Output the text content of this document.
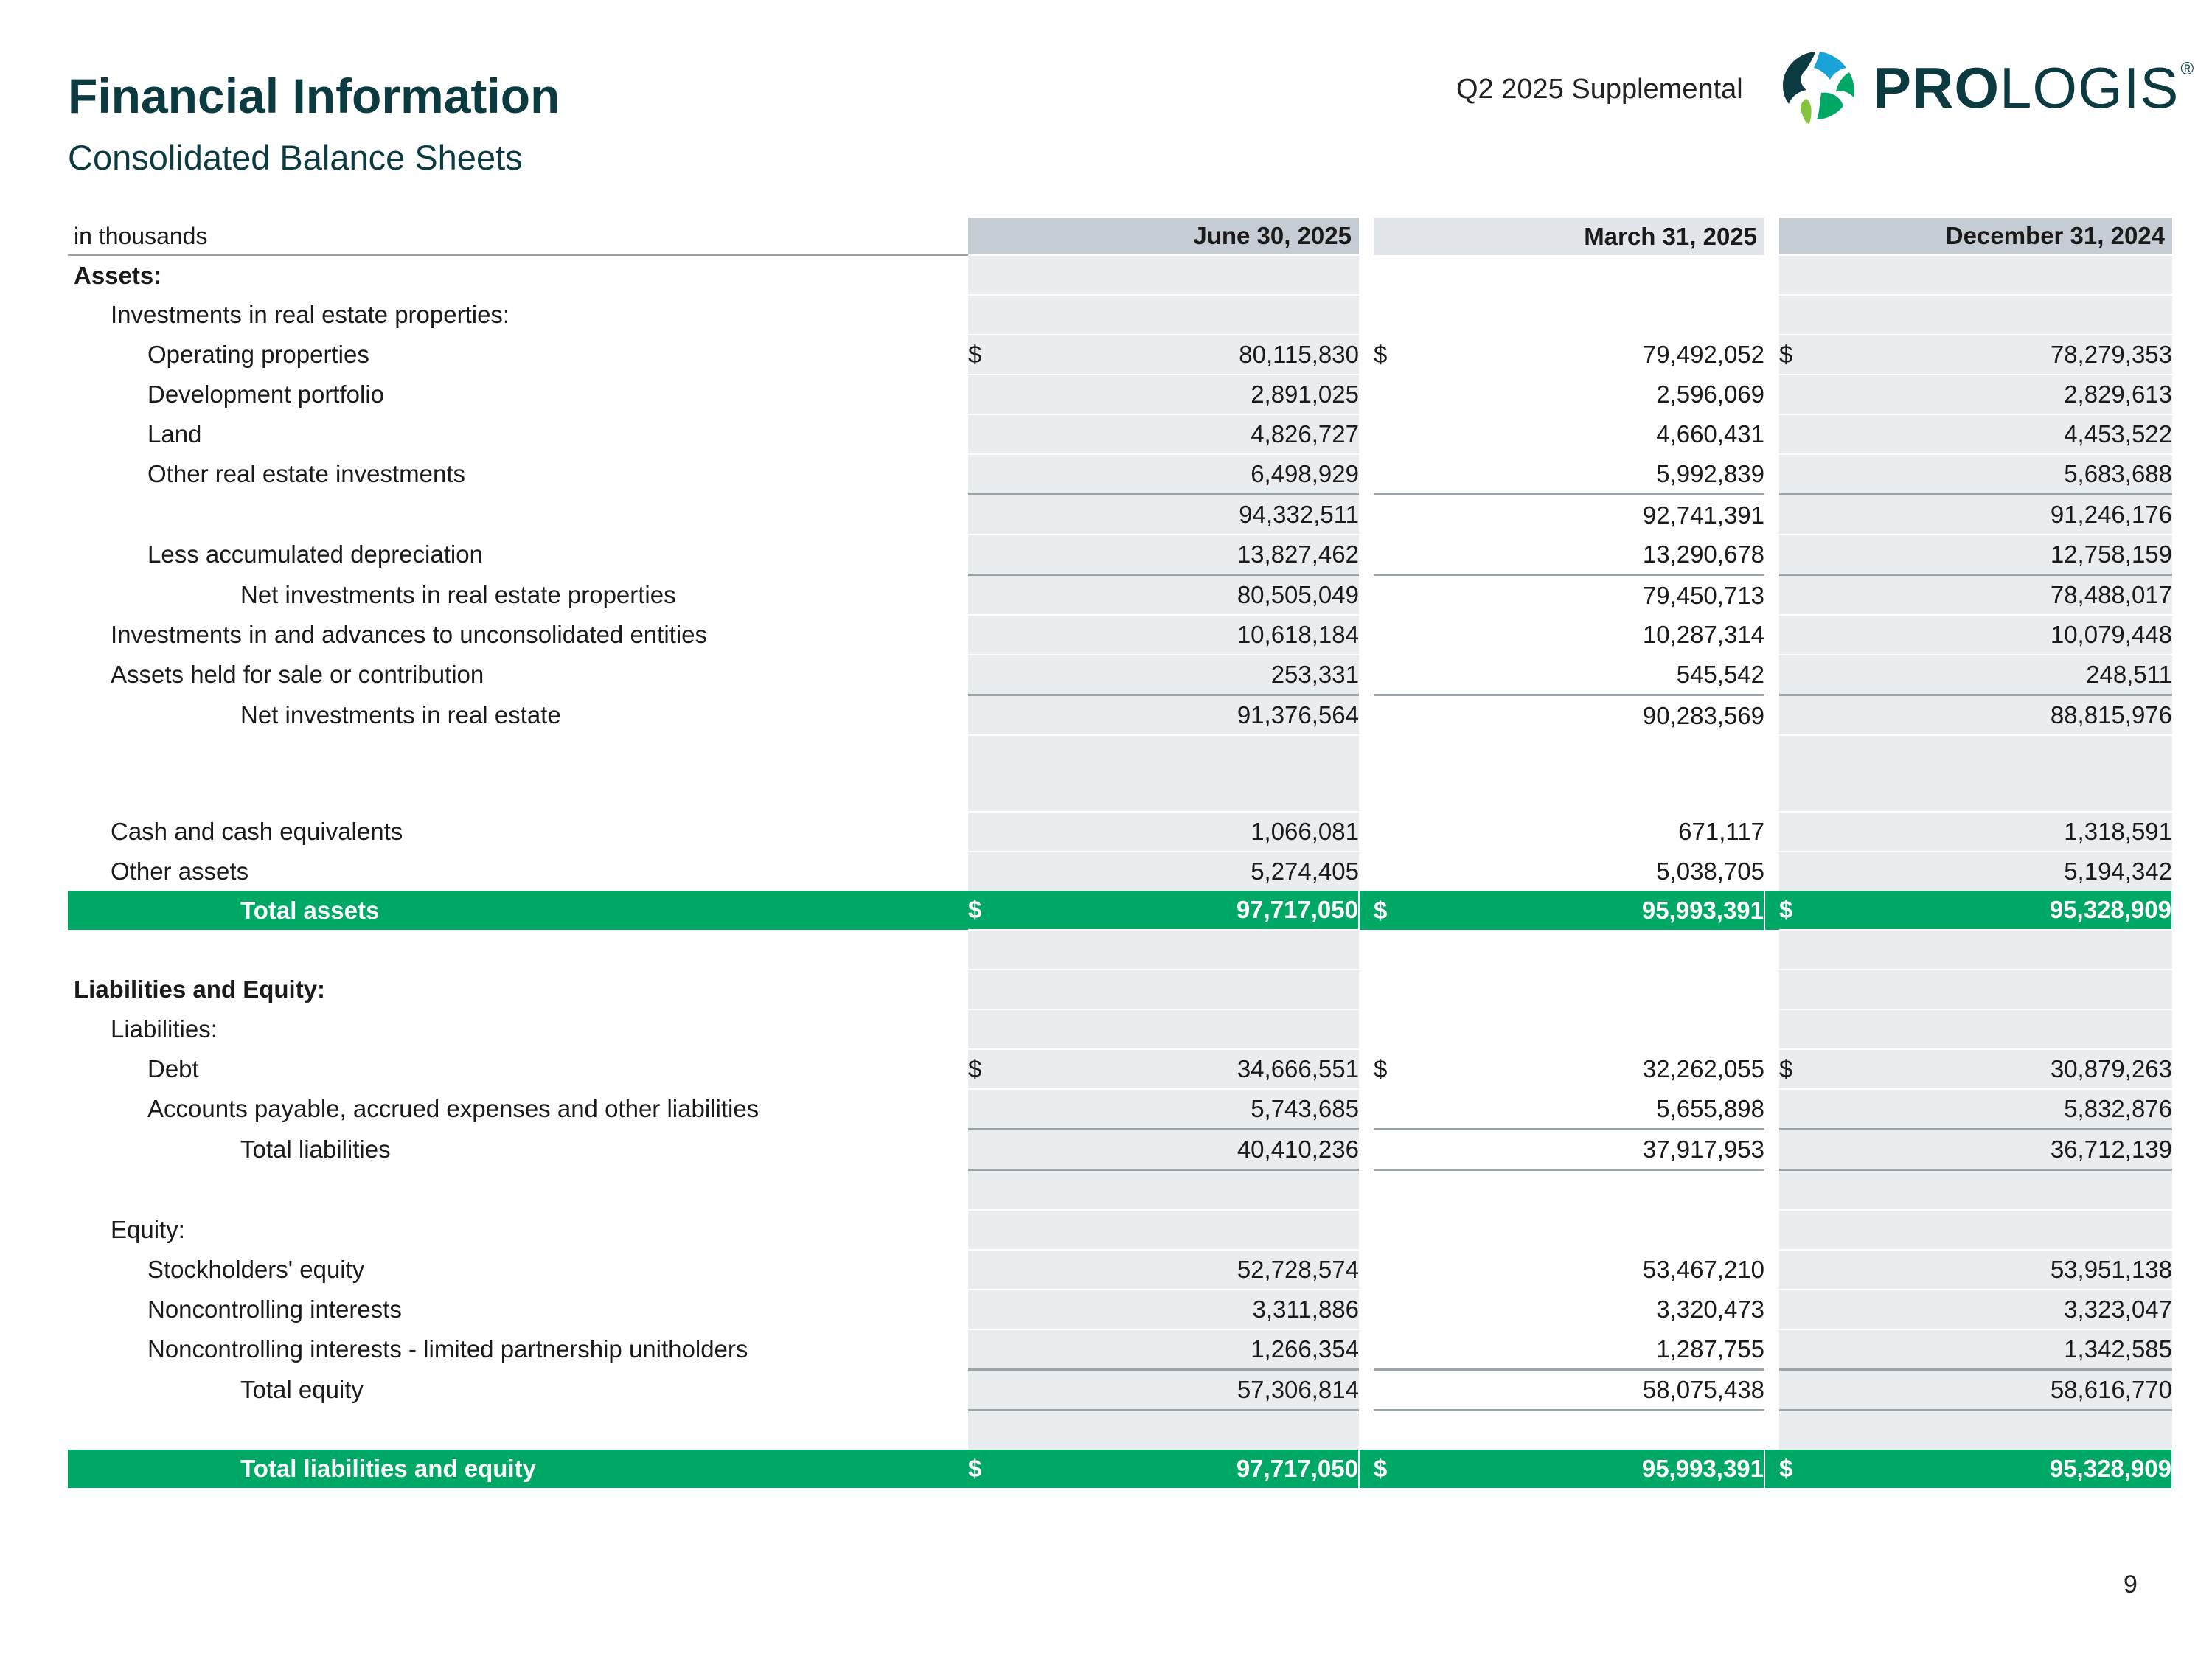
Financial Information
Consolidated Balance Sheets
Q2 2025 Supplemental PROLOGIS®
in thousands	June 30, 2025			March 31, 2025			December 31, 2024	
Assets:								
Investments in real estate properties:								
Operating properties	$	80,115,830		$	79,492,052		$	78,279,353
Development portfolio		2,891,025			2,596,069			2,829,613
Land		4,826,727			4,660,431			4,453,522
Other real estate investments		6,498,929			5,992,839			5,683,688
		94,332,511			92,741,391			91,246,176
Less accumulated depreciation		13,827,462			13,290,678			12,758,159
Net investments in real estate properties		80,505,049			79,450,713			78,488,017
Investments in and advances to unconsolidated entities		10,618,184			10,287,314			10,079,448
Assets held for sale or contribution		253,331			545,542			248,511
Net investments in real estate		91,376,564			90,283,569			88,815,976

Cash and cash equivalents		1,066,081			671,117			1,318,591
Other assets		5,274,405			5,038,705			5,194,342
Total assets	$	97,717,050		$	95,993,391		$	95,328,909

Liabilities and Equity:								
Liabilities:								
Debt	$	34,666,551		$	32,262,055		$	30,879,263
Accounts payable, accrued expenses and other liabilities		5,743,685			5,655,898			5,832,876
Total liabilities		40,410,236			37,917,953			36,712,139

Equity:								
Stockholders' equity		52,728,574			53,467,210			53,951,138
Noncontrolling interests		3,311,886			3,320,473			3,323,047
Noncontrolling interests - limited partnership unitholders		1,266,354			1,287,755			1,342,585
Total equity		57,306,814			58,075,438			58,616,770

Total liabilities and equity	$	97,717,050		$	95,993,391		$	95,328,909
9
